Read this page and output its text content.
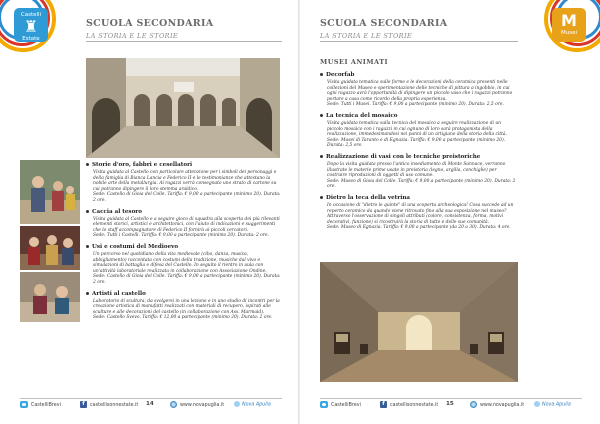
Castelli
♜
Estate
SCUOLA SECONDARIA
LA STORIA E LE STORIE
Storie d'oro, fabbri e cesellatori
Visita guidata al Castello con particolare attenzione per i simboli dei personaggi e della famiglia di Bianca Lancia e Federico II e le testimonianze che attestano la nobile arte della metallurgia. Ai ragazzi verrà consegnato uno strato di cartone su cui potranno dipingere il loro stemma araldico.
Sede: Castello di Gioia del Colle. Tariffa: € 9,00 a partecipante (minimo 20). Durata: 2 ore.
Caccia al tesoro
Visita guidata al Castello e a seguire gioco di squadra alla scoperta dei più rilevanti elementi storici, artistici e architettonici, con l'aiuto di indicazioni e suggerimenti che lo staff accompagnatore di Federico II fornirà ai piccoli cercatori.
Sede: Tutti i Castelli. Tariffa: € 9,00 a partecipante (minimo 20). Durata: 2 ore.
Usi e costumi del Medioevo
Un percorso nel quotidiano della vita medievale (cibo, danza, musica, abbigliamento) raccontata con costumi della tradizione, musiche dal vivo e simulazioni di battaglia e difesa del Castello. In seguito il rientro in aula con un'attività laboratoriale realizzata in collaborazione con Associazione Ondine.
Sede: Castello di Gioia del Colle. Tariffa: € 9,00 a partecipante (minimo 20). Durata: 2 ore.
Artisti al castello
Laboratorio di scultura, da svolgersi in una lezione e in uno studio di incontri per la creazione artistica di manufatti realizzati con materiali di recupero, ispirati alle sculture e alle decorazioni del castello (in collaborazione con Ass. Marmaid).
Sede: Castello Svevo. Tariffa: € 12,00 a partecipante (minimo 20). Durata: 2 ore.
CastelliBrevi	f castellisonnestate.it 14	www.novapuglia.it	Nova Apulia
M
Musei
SCUOLA SECONDARIA
LA STORIA E LE STORIE
MUSEI ANIMATI
Decorfab
Visita guidata tematica sulle forme e le decorazioni della ceramica presenti nelle collezioni del Museo e sperimentazione delle tecniche di pittura a ingobbio, in cui ogni ragazzo avrà l'opportunità di dipingere un piccolo vaso che i ragazzi potranno portare a casa come ricordo della propria esperienza.
Sede: Tutti i Musei. Tariffa: € 9,00 a partecipante (minimo 20). Durata: 2,5 ore.
La tecnica del mosaico
Visita guidata tematica sulla tecnica del mosaico a seguire realizzazione di un piccolo mosaico con i ragazzi in cui ognuno di loro sarà protagonista della realizzazione, immedesimandosi nei panni di un artigiano della storia della città.
Sede: Musei di Taranto e di Egnazia. Tariffa: € 9,00 a partecipante (minimo 20). Durata: 2,5 ore.
Realizzazione di vasi con le tecniche preistoriche
Dopo la visita guidata presso l'antico insediamento di Monte Sannace, verranno illustrate le materie prime usate in preistoria (legno, argilla, conchiglie) per costruire riproduzioni di oggetti di uso comune.
Sede: Museo di Gioia del Colle. Tariffa: € 9,00 a partecipante (minimo 20). Durata: 2 ore.
Dietro la teca della vetrina
In occasione di "dietro le quinte" di una scoperta archeologica! Cosa succede ad un reperto ceramico da quando viene ritrovato fino alla sua esposizione nel museo? Attraverso l'osservazione di singoli attributi (colore, consistenza, forma, motivi decorativi, funzione) si ricostruirà la storia di tutte e delle sue comunità.
Sede: Museo di Egnazia. Tariffa: € 9,00 a partecipante (da 20 a 30). Durata: 4 ore.
CastelliBrevi	f castellisonnestate.it 15	www.novapuglia.it	Nova Apulia
